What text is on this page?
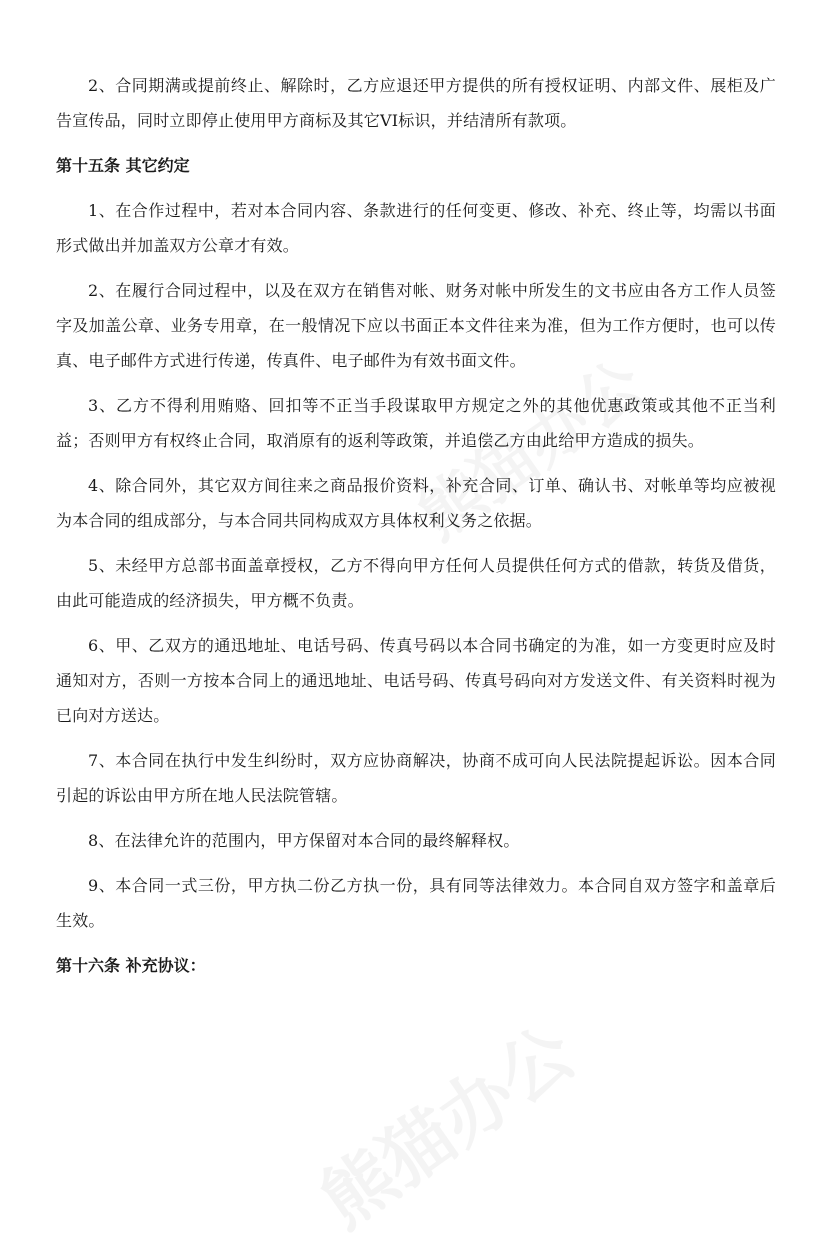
2、合同期满或提前终止、解除时，乙方应退还甲方提供的所有授权证明、内部文件、展柜及广告宣传品，同时立即停止使用甲方商标及其它VI标识，并结清所有款项。

第十五条 其它约定

1、在合作过程中，若对本合同内容、条款进行的任何变更、修改、补充、终止等，均需以书面形式做出并加盖双方公章才有效。

2、在履行合同过程中，以及在双方在销售对帐、财务对帐中所发生的文书应由各方工作人员签字及加盖公章、业务专用章，在一般情况下应以书面正本文件往来为准，但为工作方便时，也可以传真、电子邮件方式进行传递，传真件、电子邮件为有效书面文件。

3、乙方不得利用贿赂、回扣等不正当手段谋取甲方规定之外的其他优惠政策或其他不正当利益；否则甲方有权终止合同，取消原有的返利等政策，并追偿乙方由此给甲方造成的损失。

4、除合同外，其它双方间往来之商品报价资料，补充合同、订单、确认书、对帐单等均应被视为本合同的组成部分，与本合同共同构成双方具体权利义务之依据。

5、未经甲方总部书面盖章授权，乙方不得向甲方任何人员提供任何方式的借款，转货及借货，由此可能造成的经济损失，甲方概不负责。

6、甲、乙双方的通迅地址、电话号码、传真号码以本合同书确定的为准，如一方变更时应及时通知对方，否则一方按本合同上的通迅地址、电话号码、传真号码向对方发送文件、有关资料时视为已向对方送达。

7、本合同在执行中发生纠纷时，双方应协商解决，协商不成可向人民法院提起诉讼。因本合同引起的诉讼由甲方所在地人民法院管辖。

8、在法律允许的范围内，甲方保留对本合同的最终解释权。

9、本合同一式三份，甲方执二份乙方执一份，具有同等法律效力。本合同自双方签字和盖章后生效。

第十六条 补充协议：
